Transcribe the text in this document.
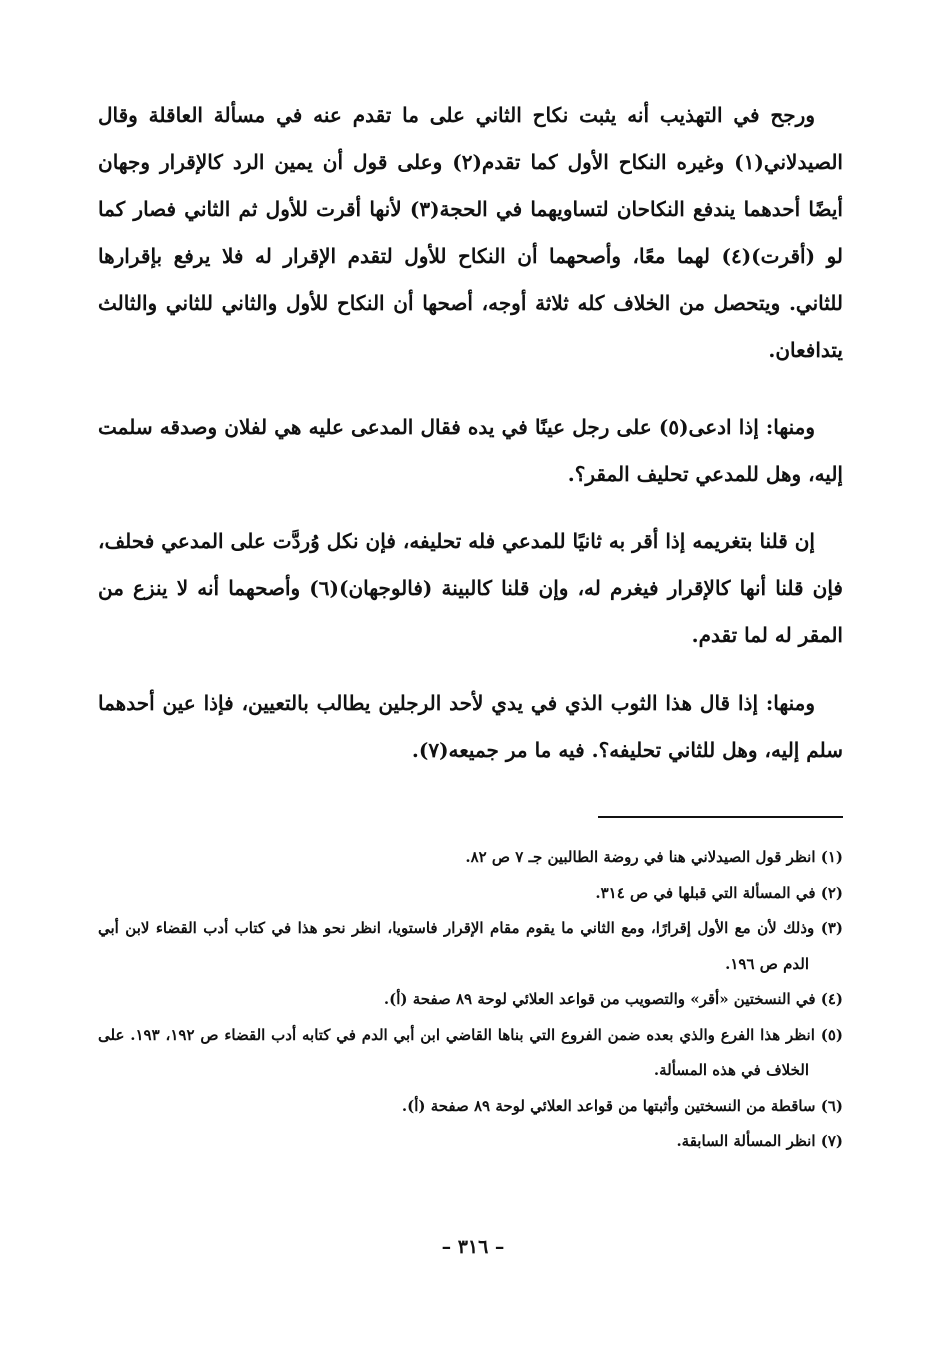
ورجح في التهذيب أنه يثبت نكاح الثاني على ما تقدم عنه في مسألة العاقلة وقال الصيدلاني(١) وغيره النكاح الأول كما تقدم(٢) وعلى قول أن يمين الرد كالإقرار وجهان أيضًا أحدهما يندفع النكاحان لتساويهما في الحجة(٣) لأنها أقرت للأول ثم الثاني فصار كما لو (أقرت)(٤) لهما معًا، وأصحهما أن النكاح للأول لتقدم الإقرار له فلا يرفع بإقرارها للثاني. ويتحصل من الخلاف كله ثلاثة أوجه، أصحها أن النكاح للأول والثاني للثاني والثالث يتدافعان.

ومنها: إذا ادعى(٥) على رجل عينًا في يده فقال المدعى عليه هي لفلان وصدقه سلمت إليه، وهل للمدعي تحليف المقر؟.

إن قلنا بتغريمه إذا أقر به ثانيًا للمدعي فله تحليفه، فإن نكل وُردَّت على المدعي فحلف، فإن قلنا أنها كالإقرار فيغرم له، وإن قلنا كالبينة (فالوجهان)(٦) وأصحهما أنه لا ينزع من المقر له لما تقدم.

ومنها: إذا قال هذا الثوب الذي في يدي لأحد الرجلين يطالب بالتعيين، فإذا عين أحدهما سلم إليه، وهل للثاني تحليفه؟. فيه ما مر جميعه(٧).

(١) انظر قول الصيدلاني هنا في روضة الطالبين جـ ٧ ص ٨٢.

(٢) في المسألة التي قبلها في ص ٣١٤.

(٣) وذلك لأن مع الأول إقرارًا، ومع الثاني ما يقوم مقام الإقرار فاستويا، انظر نحو هذا في كتاب أدب القضاء لابن أبي الدم ص ١٩٦.

(٤) في النسختين «أقر» والتصويب من قواعد العلائي لوحة ٨٩ صفحة (أ).

(٥) انظر هذا الفرع والذي بعده ضمن الفروع التي بناها القاضي ابن أبي الدم في كتابه أدب القضاء ص ١٩٢، ١٩٣. على الخلاف في هذه المسألة.

(٦) ساقطة من النسختين وأثبتها من قواعد العلائي لوحة ٨٩ صفحة (أ).

(٧) انظر المسألة السابقة.

– ٣١٦ –
